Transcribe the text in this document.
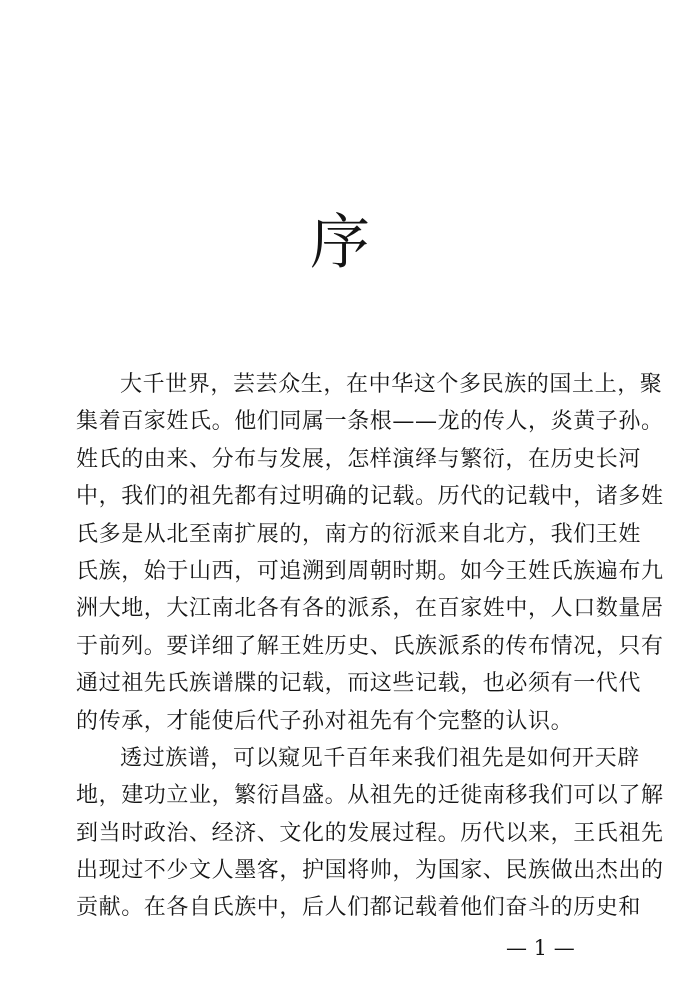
序
大千世界，芸芸众生，在中华这个多民族的国土上，聚
集着百家姓氏。他们同属一条根——龙的传人，炎黄子孙。
姓氏的由来、分布与发展，怎样演绎与繁衍，在历史长河
中，我们的祖先都有过明确的记载。历代的记载中，诸多姓
氏多是从北至南扩展的，南方的衍派来自北方，我们王姓
氏族，始于山西，可追溯到周朝时期。如今王姓氏族遍布九
洲大地，大江南北各有各的派系，在百家姓中，人口数量居
于前列。要详细了解王姓历史、氏族派系的传布情况，只有
通过祖先氏族谱牒的记载，而这些记载，也必须有一代代
的传承，才能使后代子孙对祖先有个完整的认识。
透过族谱，可以窥见千百年来我们祖先是如何开天辟
地，建功立业，繁衍昌盛。从祖先的迁徙南移我们可以了解
到当时政治、经济、文化的发展过程。历代以来，王氏祖先
出现过不少文人墨客，护国将帅，为国家、民族做出杰出的
贡献。在各自氏族中，后人们都记载着他们奋斗的历史和
— 1 —
